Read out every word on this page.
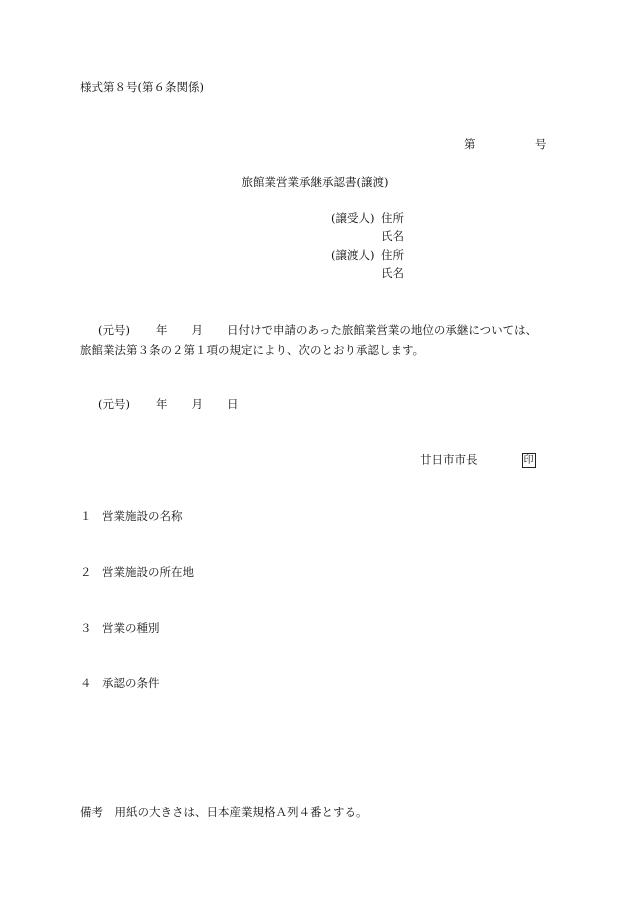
様式第８号(第６条関係)
第	号
旅館業営業承継承認書(譲渡)
(譲受人) 住所
氏名
(譲渡人) 住所
氏名
(元号) 年 月 日付けで申請のあった旅館業営業の地位の承継については、
旅館業法第３条の２第１項の規定により、次のとおり承認します。
(元号) 年 月 日
廿日市市長	印
１ 営業施設の名称
２ 営業施設の所在地
３ 営業の種別
４ 承認の条件
備考　用紙の大きさは、日本産業規格Ａ列４番とする。
